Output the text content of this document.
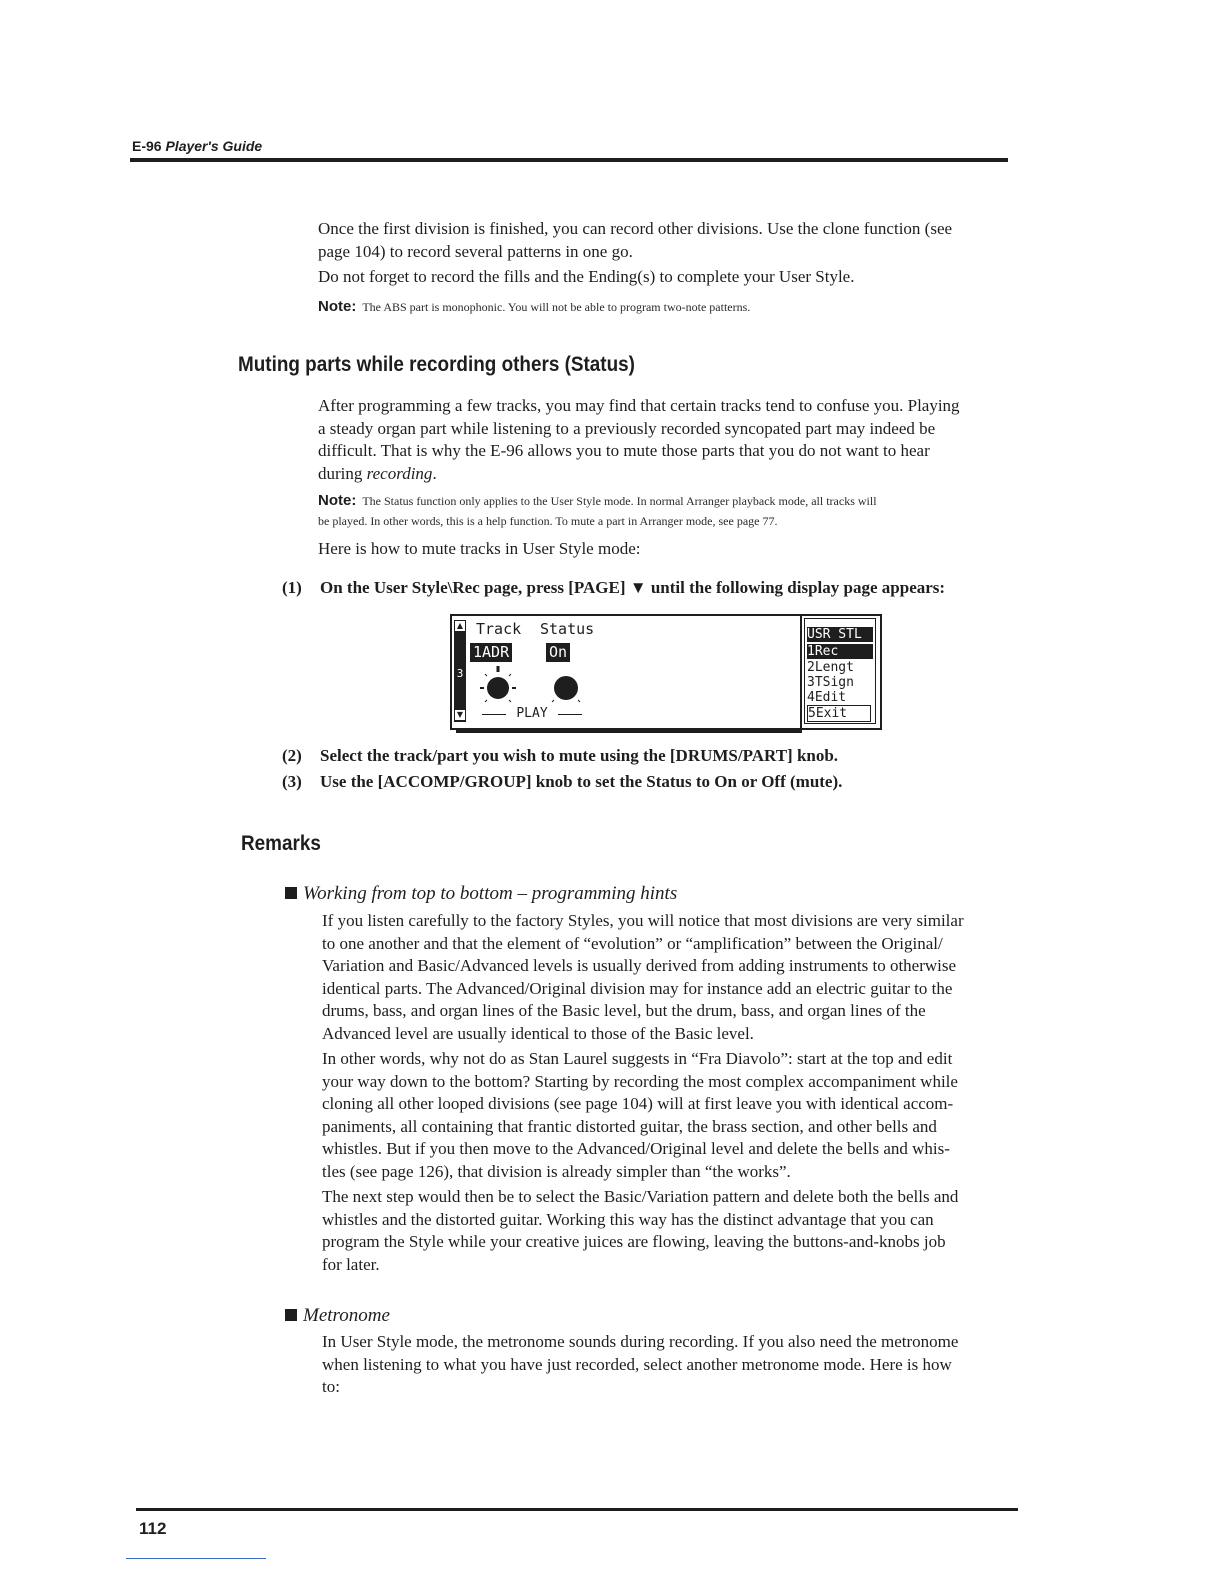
E-96 Player's Guide
Once the first division is finished, you can record other divisions. Use the clone function (see
page 104) to record several patterns in one go.
Do not forget to record the fills and the Ending(s) to complete your User Style.
Note: The ABS part is monophonic. You will not be able to program two-note patterns.
Muting parts while recording others (Status)
After programming a few tracks, you may find that certain tracks tend to confuse you. Playing
a steady organ part while listening to a previously recorded syncopated part may indeed be
difficult. That is why the E-96 allows you to mute those parts that you do not want to hear
during recording.
Note: The Status function only applies to the User Style mode. In normal Arranger playback mode, all tracks will
be played. In other words, this is a help function. To mute a part in Arranger mode, see page 77.
Here is how to mute tracks in User Style mode:
(1)	On the User Style\Rec page, press [PAGE] ▼ until the following display page appears:
▲
3
▼
Track Status
1ADR	On
PLAY
USR STL
1Rec
2Lengt
3TSign
4Edit
5Exit
(2)	Select the track/part you wish to mute using the [DRUMS/PART] knob.
(3)	Use the [ACCOMP/GROUP] knob to set the Status to On or Off (mute).
Remarks
Working from top to bottom – programming hints
If you listen carefully to the factory Styles, you will notice that most divisions are very similar
to one another and that the element of “evolution” or “amplification” between the Original/
Variation and Basic/Advanced levels is usually derived from adding instruments to otherwise
identical parts. The Advanced/Original division may for instance add an electric guitar to the
drums, bass, and organ lines of the Basic level, but the drum, bass, and organ lines of the
Advanced level are usually identical to those of the Basic level.
In other words, why not do as Stan Laurel suggests in “Fra Diavolo”: start at the top and edit
your way down to the bottom? Starting by recording the most complex accompaniment while
cloning all other looped divisions (see page 104) will at first leave you with identical accom-
paniments, all containing that frantic distorted guitar, the brass section, and other bells and
whistles. But if you then move to the Advanced/Original level and delete the bells and whis-
tles (see page 126), that division is already simpler than “the works”.
The next step would then be to select the Basic/Variation pattern and delete both the bells and
whistles and the distorted guitar. Working this way has the distinct advantage that you can
program the Style while your creative juices are flowing, leaving the buttons-and-knobs job
for later.
Metronome
In User Style mode, the metronome sounds during recording. If you also need the metronome
when listening to what you have just recorded, select another metronome mode. Here is how
to:
112
